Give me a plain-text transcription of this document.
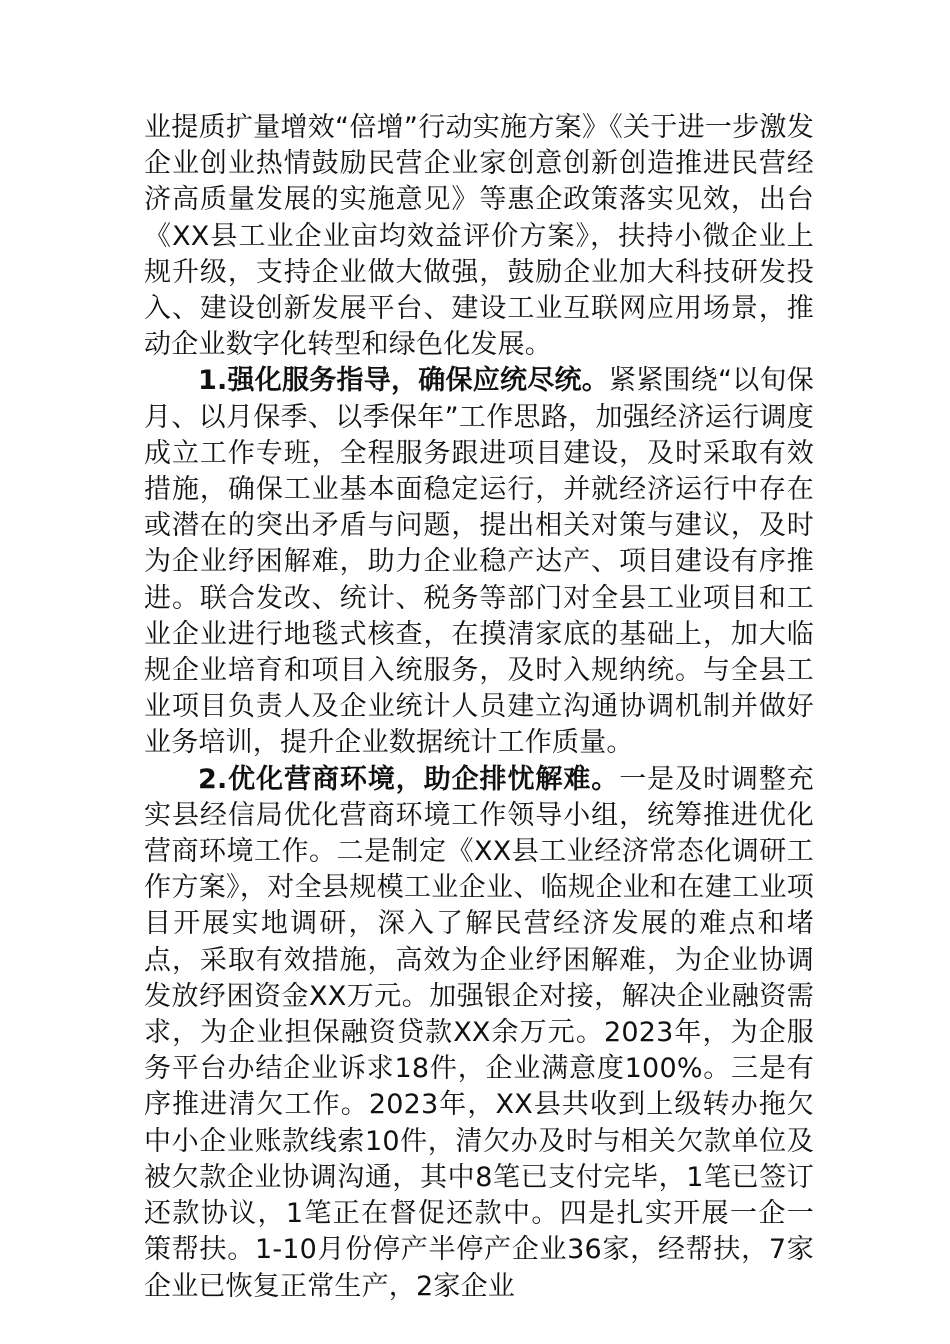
业提质扩量增效“倍增”行动实施方案》《关于进一步激发企业创业热情鼓励民营企业家创意创新创造推进民营经济高质量发展的实施意见》等惠企政策落实见效，出台《XX县工业企业亩均效益评价方案》，扶持小微企业上规升级，支持企业做大做强，鼓励企业加大科技研发投入、建设创新发展平台、建设工业互联网应用场景，推动企业数字化转型和绿色化发展。

1.强化服务指导，确保应统尽统。紧紧围绕“以旬保月、以月保季、以季保年”工作思路，加强经济运行调度成立工作专班，全程服务跟进项目建设，及时采取有效措施，确保工业基本面稳定运行，并就经济运行中存在或潜在的突出矛盾与问题，提出相关对策与建议，及时为企业纾困解难，助力企业稳产达产、项目建设有序推进。联合发改、统计、税务等部门对全县工业项目和工业企业进行地毯式核查，在摸清家底的基础上，加大临规企业培育和项目入统服务，及时入规纳统。与全县工业项目负责人及企业统计人员建立沟通协调机制并做好业务培训，提升企业数据统计工作质量。

2.优化营商环境，助企排忧解难。一是及时调整充实县经信局优化营商环境工作领导小组，统筹推进优化营商环境工作。二是制定《XX县工业经济常态化调研工作方案》，对全县规模工业企业、临规企业和在建工业项目开展实地调研，深入了解民营经济发展的难点和堵点，采取有效措施，高效为企业纾困解难，为企业协调发放纾困资金XX万元。加强银企对接，解决企业融资需求，为企业担保融资贷款XX余万元。2023年，为企服务平台办结企业诉求18件，企业满意度100%。三是有序推进清欠工作。2023年，XX县共收到上级转办拖欠中小企业账款线索10件，清欠办及时与相关欠款单位及被欠款企业协调沟通，其中8笔已支付完毕，1笔已签订还款协议，1笔正在督促还款中。四是扎实开展一企一策帮扶。1-10月份停产半停产企业36家，经帮扶，7家企业已恢复正常生产，2家企业
